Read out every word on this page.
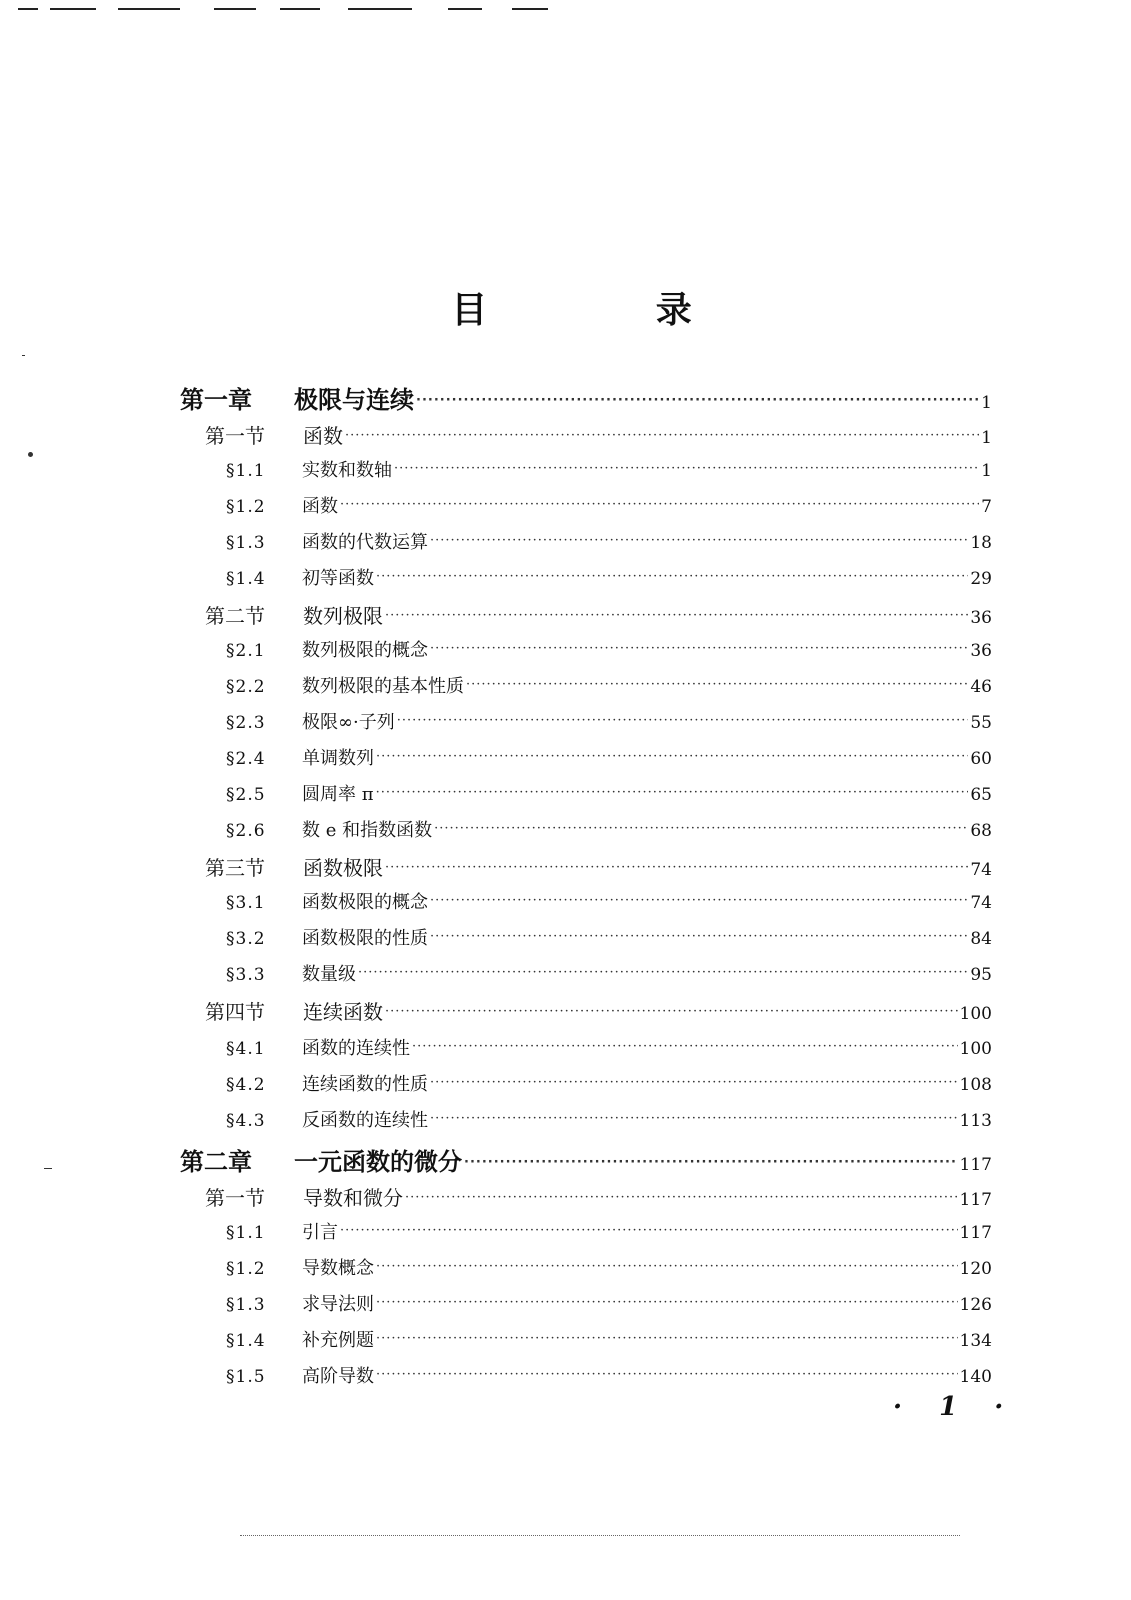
目 录
第一章	极限与连续 ·····	1
第一节	函数 ·····	1
§1.1	实数和数轴 ·····	1
§1.2	函数 ·····	7
§1.3	函数的代数运算 ·····	18
§1.4	初等函数 ·····	29
第二节	数列极限 ·····	36
§2.1	数列极限的概念 ·····	36
§2.2	数列极限的基本性质 ·····	46
§2.3	极限∞·子列 ·····	55
§2.4	单调数列 ·····	60
§2.5	圆周率 π ·····	65
§2.6	数 e 和指数函数 ·····	68
第三节	函数极限 ·····	74
§3.1	函数极限的概念 ·····	74
§3.2	函数极限的性质 ·····	84
§3.3	数量级 ·····	95
第四节	连续函数 ·····	100
§4.1	函数的连续性 ·····	100
§4.2	连续函数的性质 ·····	108
§4.3	反函数的连续性 ·····	113
第二章	一元函数的微分 ·····	117
第一节	导数和微分 ·····	117
§1.1	引言 ·····	117
§1.2	导数概念 ·····	120
§1.3	求导法则 ·····	126
§1.4	补充例题 ·····	134
§1.5	高阶导数 ·····	140
· 1 ·
